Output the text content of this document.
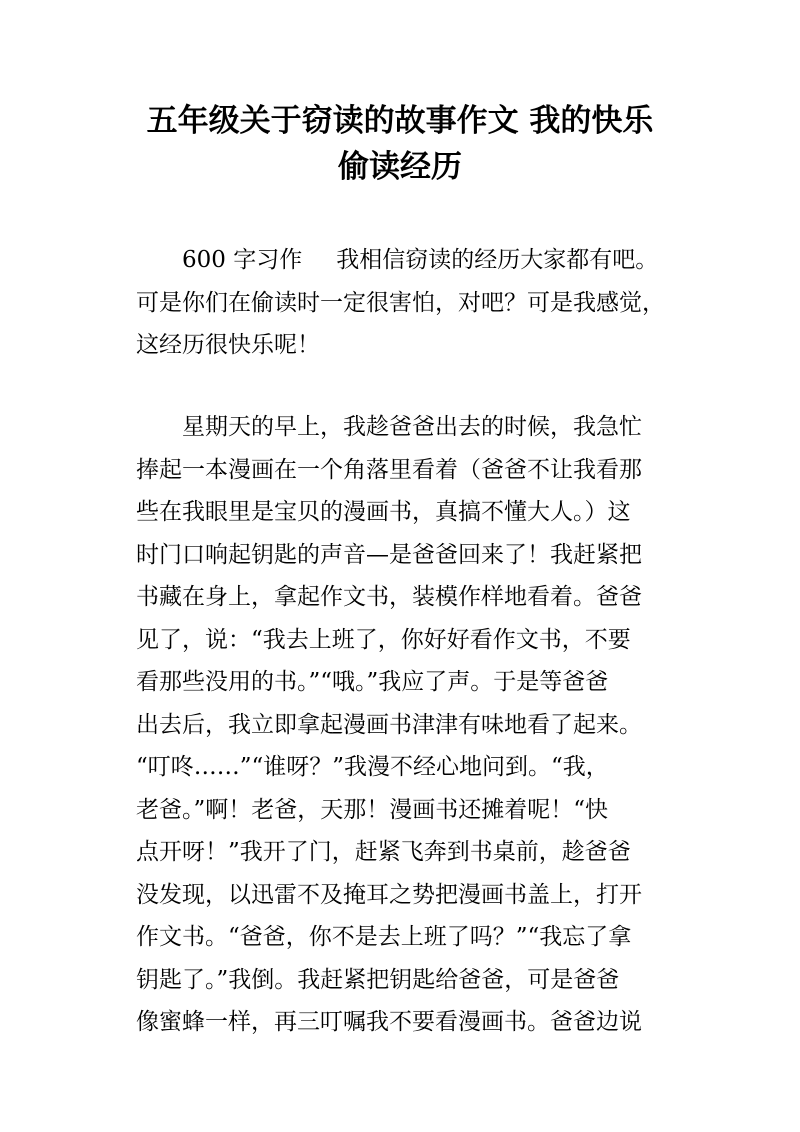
五年级关于窃读的故事作文 我的快乐
偷读经历
600 字习作 我相信窃读的经历大家都有吧。
可是你们在偷读时一定很害怕，对吧？可是我感觉，
这经历很快乐呢！
星期天的早上，我趁爸爸出去的时候，我急忙
捧起一本漫画在一个角落里看着（爸爸不让我看那
些在我眼里是宝贝的漫画书，真搞不懂大人。）这
时门口响起钥匙的声音—是爸爸回来了！我赶紧把
书藏在身上，拿起作文书，装模作样地看着。爸爸
见了，说：“我去上班了，你好好看作文书，不要
看那些没用的书。”“哦。”我应了声。于是等爸爸
出去后，我立即拿起漫画书津津有味地看了起来。
“叮咚……”“谁呀？”我漫不经心地问到。“我，
老爸。”啊！老爸，天那！漫画书还摊着呢！“快
点开呀！”我开了门，赶紧飞奔到书桌前，趁爸爸
没发现，以迅雷不及掩耳之势把漫画书盖上，打开
作文书。“爸爸，你不是去上班了吗？”“我忘了拿
钥匙了。”我倒。我赶紧把钥匙给爸爸，可是爸爸
像蜜蜂一样，再三叮嘱我不要看漫画书。爸爸边说
